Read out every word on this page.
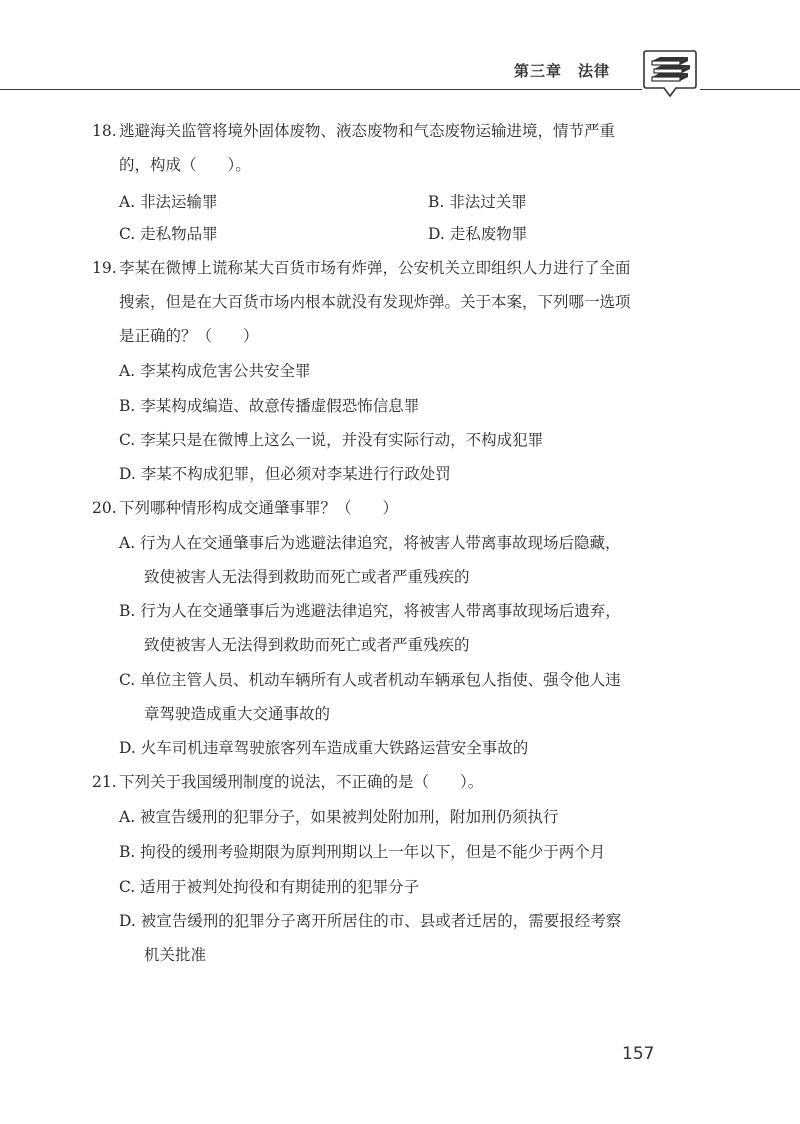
第三章　法律
18. 逃避海关监管将境外固体废物、液态废物和气态废物运输进境，情节严重
的，构成（　　）。
A. 非法运输罪	B. 非法过关罪
C. 走私物品罪	D. 走私废物罪
19. 李某在微博上谎称某大百货市场有炸弹，公安机关立即组织人力进行了全面
搜索，但是在大百货市场内根本就没有发现炸弹。关于本案，下列哪一选项
是正确的？（　　）
A. 李某构成危害公共安全罪
B. 李某构成编造、故意传播虚假恐怖信息罪
C. 李某只是在微博上这么一说，并没有实际行动，不构成犯罪
D. 李某不构成犯罪，但必须对李某进行行政处罚
20. 下列哪种情形构成交通肇事罪？（　　）
A. 行为人在交通肇事后为逃避法律追究，将被害人带离事故现场后隐藏，
致使被害人无法得到救助而死亡或者严重残疾的
B. 行为人在交通肇事后为逃避法律追究，将被害人带离事故现场后遗弃，
致使被害人无法得到救助而死亡或者严重残疾的
C. 单位主管人员、机动车辆所有人或者机动车辆承包人指使、强令他人违
章驾驶造成重大交通事故的
D. 火车司机违章驾驶旅客列车造成重大铁路运营安全事故的
21. 下列关于我国缓刑制度的说法，不正确的是（　　）。
A. 被宣告缓刑的犯罪分子，如果被判处附加刑，附加刑仍须执行
B. 拘役的缓刑考验期限为原判刑期以上一年以下，但是不能少于两个月
C. 适用于被判处拘役和有期徒刑的犯罪分子
D. 被宣告缓刑的犯罪分子离开所居住的市、县或者迁居的，需要报经考察
机关批准
157
